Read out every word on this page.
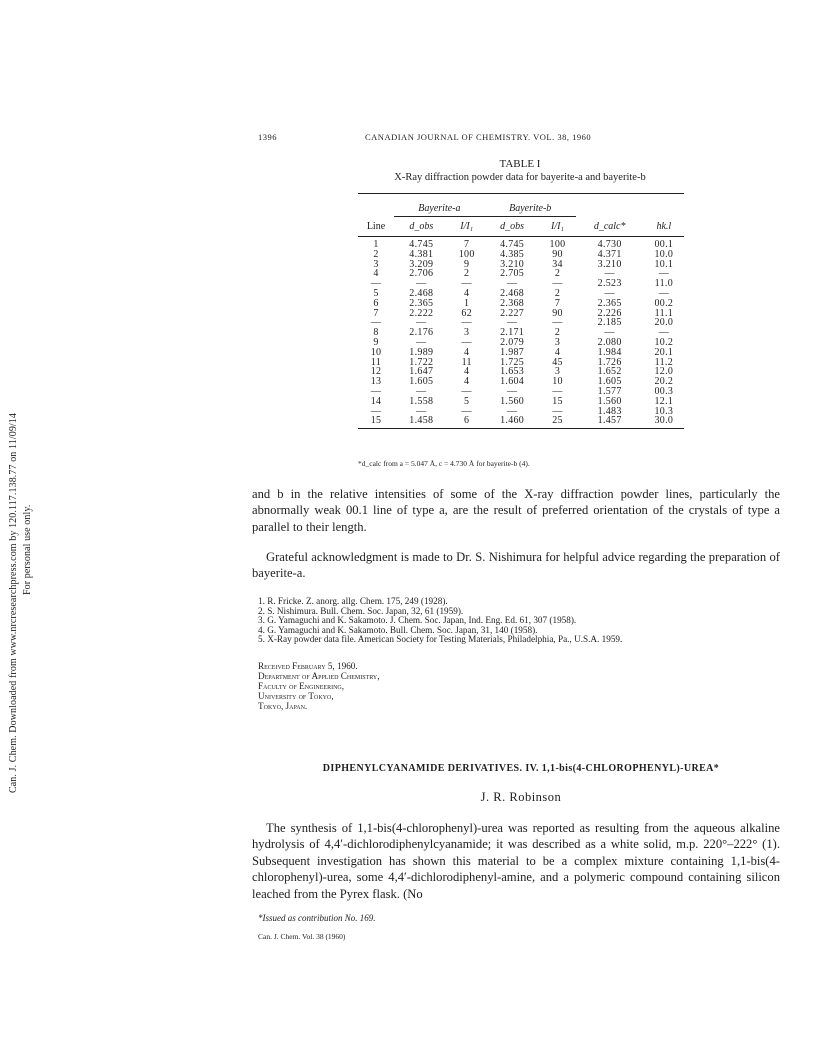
Can. J. Chem. Downloaded from www.nrcresearchpress.com by 120.117.138.77 on 11/09/14 For personal use only.
1396	CANADIAN JOURNAL OF CHEMISTRY. VOL. 38, 1960
TABLE I
X-Ray diffraction powder data for bayerite-a and bayerite-b
	Bayerite-a		Bayerite-b			
Line	d_obs	I/I₁	d_obs	I/I₁	d_calc*	hk.l
1	4.745	7	4.745	100	4.730	00.1
2	4.381	100	4.385	90	4.371	10.0
3	3.209	9	3.210	34	3.210	10.1
4	2.706	2	2.705	2	—	—
—	—	—	—	—	2.523	11.0
5	2.468	4	2.468	2	—	—
6	2.365	1	2.368	7	2.365	00.2
7	2.222	62	2.227	90	2.226	11.1
—	—	—	—	—	2.185	20.0
8	2.176	3	2.171	2	—	—
9	—	—	2.079	3	2.080	10.2
10	1.989	4	1.987	4	1.984	20.1
11	1.722	11	1.725	45	1.726	11.2
12	1.647	4	1.653	3	1.652	12.0
13	1.605	4	1.604	10	1.605	20.2
—	—	—	—	—	1.577	00.3
14	1.558	5	1.560	15	1.560	12.1
—	—	—	—	—	1.483	10.3
15	1.458	6	1.460	25	1.457	30.0
*d_calc from a = 5.047 Å, c = 4.730 Å for bayerite-b (4).

and b in the relative intensities of some of the X-ray diffraction powder lines, particularly the abnormally weak 00.1 line of type a, are the result of preferred orientation of the crystals of type a parallel to their length.

Grateful acknowledgment is made to Dr. S. Nishimura for helpful advice regarding the preparation of bayerite-a.

1. R. Fricke. Z. anorg. allg. Chem. 175, 249 (1928).
2. S. Nishimura. Bull. Chem. Soc. Japan, 32, 61 (1959).
3. G. Yamaguchi and K. Sakamoto. J. Chem. Soc. Japan, Ind. Eng. Ed. 61, 307 (1958).
4. G. Yamaguchi and K. Sakamoto. Bull. Chem. Soc. Japan, 31, 140 (1958).
5. X-Ray powder data file. American Society for Testing Materials, Philadelphia, Pa., U.S.A. 1959.
Received February 5, 1960.
Department of Applied Chemistry,
Faculty of Engineering,
University of Tokyo,
Tokyo, Japan.
DIPHENYLCYANAMIDE DERIVATIVES. IV. 1,1-bis(4-CHLOROPHENYL)-UREA*
J. R. Robinson

The synthesis of 1,1-bis(4-chlorophenyl)-urea was reported as resulting from the aqueous alkaline hydrolysis of 4,4′-dichlorodiphenylcyanamide; it was described as a white solid, m.p. 220°–222° (1). Subsequent investigation has shown this material to be a complex mixture containing 1,1-bis(4-chlorophenyl)-urea, some 4,4′-dichlorodiphenyl-amine, and a polymeric compound containing silicon leached from the Pyrex flask. (No

*Issued as contribution No. 169.
Can. J. Chem. Vol. 38 (1960)
